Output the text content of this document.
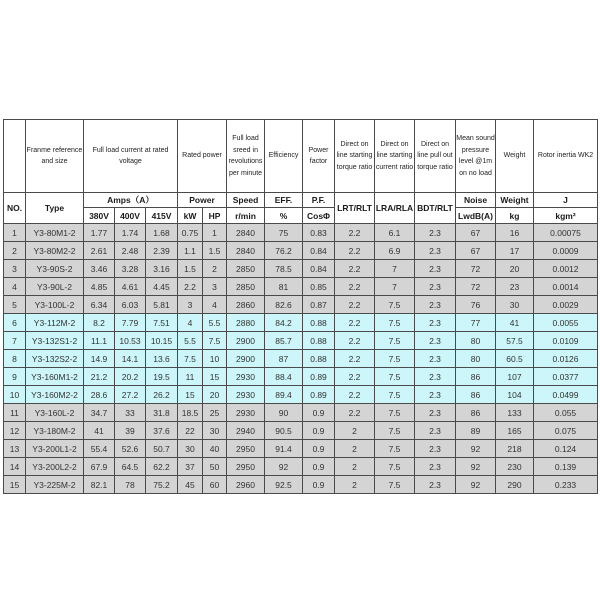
	Franme reference and size	Full load current at rated voltage			Rated power		Full load sreed in revolutions per minute	Efficiency	Power factor	Direct on line starting torque ratio	Direct on line starting current ratio	Direct on line pull out torque ratio	Mean sound pressure level @1m on no load	Weight	Rotor inertia WK2
NO.	Type	Amps（A）			Power		Speed	EFF.	P.F.	LRT/RLT	LRA/RLA	BDT/RLT	Noise	Weight	J
		380V	400V	415V	kW	HP	r/min	%	CosΦ				LwdB(A)	kg	kgm²
1	Y3-80M1-2	1.77	1.74	1.68	0.75	1	2840	75	0.83	2.2	6.1	2.3	67	16	0.00075
2	Y3-80M2-2	2.61	2.48	2.39	1.1	1.5	2840	76.2	0.84	2.2	6.9	2.3	67	17	0.0009
3	Y3-90S-2	3.46	3.28	3.16	1.5	2	2850	78.5	0.84	2.2	7	2.3	72	20	0.0012
4	Y3-90L-2	4.85	4.61	4.45	2.2	3	2850	81	0.85	2.2	7	2.3	72	23	0.0014
5	Y3-100L-2	6.34	6.03	5.81	3	4	2860	82.6	0.87	2.2	7.5	2.3	76	30	0.0029
6	Y3-112M-2	8.2	7.79	7.51	4	5.5	2880	84.2	0.88	2.2	7.5	2.3	77	41	0.0055
7	Y3-132S1-2	11.1	10.53	10.15	5.5	7.5	2900	85.7	0.88	2.2	7.5	2.3	80	57.5	0.0109
8	Y3-132S2-2	14.9	14.1	13.6	7.5	10	2900	87	0.88	2.2	7.5	2.3	80	60.5	0.0126
9	Y3-160M1-2	21.2	20.2	19.5	11	15	2930	88.4	0.89	2.2	7.5	2.3	86	107	0.0377
10	Y3-160M2-2	28.6	27.2	26.2	15	20	2930	89.4	0.89	2.2	7.5	2.3	86	104	0.0499
11	Y3-160L-2	34.7	33	31.8	18.5	25	2930	90	0.9	2.2	7.5	2.3	86	133	0.055
12	Y3-180M-2	41	39	37.6	22	30	2940	90.5	0.9	2	7.5	2.3	89	165	0.075
13	Y3-200L1-2	55.4	52.6	50.7	30	40	2950	91.4	0.9	2	7.5	2.3	92	218	0.124
14	Y3-200L2-2	67.9	64.5	62.2	37	50	2950	92	0.9	2	7.5	2.3	92	230	0.139
15	Y3-225M-2	82.1	78	75.2	45	60	2960	92.5	0.9	2	7.5	2.3	92	290	0.233
